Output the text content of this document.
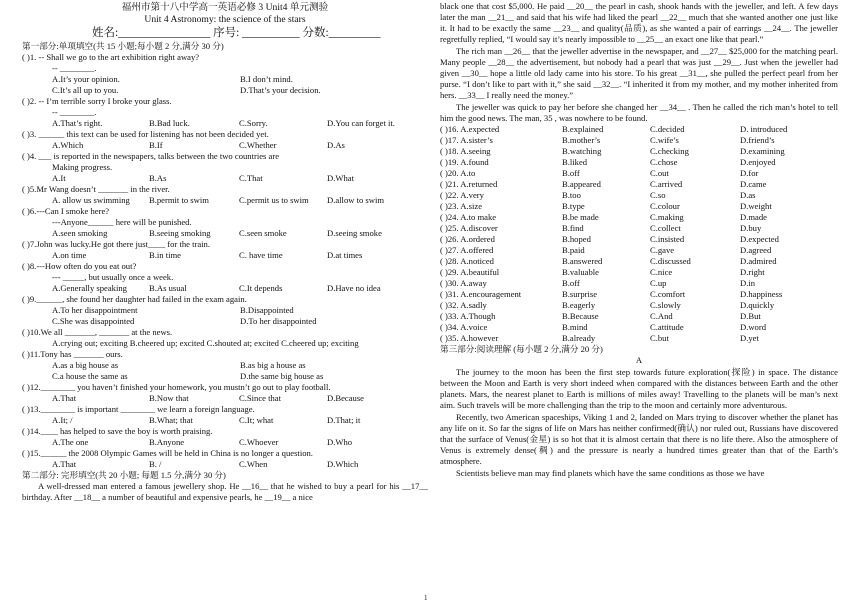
福州市第十八中学高一英语必修 3 Unit4 单元测验
Unit 4 Astronomy: the science of the stars
姓名:________________ 序号: __________ 分数:_________
第一部分:单项填空(共 15 小题;每小题 2 分,满分 30 分)
( )1. -- Shall we go to the art exhibition right away?
-- ________.
A.It’s your opinion.	B.I don’t mind.
C.It’s all up to you.	D.That’s your decision.
( )2. -- I’m terrible sorry I broke your glass.
-- ________.
A.That’s right.	B.Bad luck.	C.Sorry.	D.You can forget it.
( )3. ______ this text can be used for listening has not been decided yet.
A.Which	B.If	C.Whether	D.As
( )4. ___ is reported in the newspapers, talks between the two countries are
Making progress.
A.It	B.As	C.That	D.What
( )5.Mr Wang doesn’t _______ in the river.
A. allow us swimming	B.permit to swim	C.permit us to swim	D.allow to swim
( )6.---Can I smoke here?
---Anyone______ here will be punished.
A.seen smoking	B.seeing smoking	C.seen smoke	D.seeing smoke
( )7.John was lucky.He got there just____ for the train.
A.on time	B.in time	C. have time	D.at times
( )8.---How often do you eat out?
--- _____, but usually once a week.
A.Generally speaking	B.As usual	C.It depends	D.Have no idea
( )9.______, she found her daughter had failed in the exam again.
A.To her disappointment	B.Disappointed
C.She was disappointed	D.To her disappointed
( )10.We all _______, _______ at the news.
A.crying out; exciting B.cheered up; excited C.shouted at; excited C.cheered up; exciting
( )11.Tony has _______ ours.
A.as a big house as	B.as big a house as
C.a house the same as	D.the same big house as
( )12.________ you haven’t finished your homework, you mustn’t go out to play football.
A.That	B.Now that	C.Since that	D.Because
( )13.________ is important ________ we learn a foreign language.
A.It; /	B.What; that	C.It; what	D.That; it
( )14.____ has helped to save the boy is worth praising.
A.The one	B.Anyone	C.Whoever	D.Who
( )15.______ the 2008 Olympic Games will be held in China is no longer a question.
A.That	B. /	C.When	D.Which
第二部分: 完形填空(共 20 小题; 每题 1.5 分,满分 30 分)
A well-dressed man entered a famous jewellery shop. He __16__ that he wished to buy a pearl for his __17__ birthday. After __18__ a number of beautiful and expensive pearls, he __19__ a nice
black one that cost $5,000. He paid __20__ the pearl in cash, shook hands with the jeweller, and left. A few days later the man __21__ and said that his wife had liked the pearl __22__ much that she wanted another one just like it. It had to be exactly the same __23__ and quality(品质), as she wanted a pair of earrings __24__. The jeweller regretfully replied, “I would say it’s nearly impossible to __25__ an exact one like that pearl.”
The rich man __26__ that the jeweller advertise in the newspaper, and __27__ $25,000 for the matching pearl. Many people __28__ the advertisement, but nobody had a pearl that was just __29__. Just when the jeweller had given __30__ hope a little old lady came into his store. To his great __31__, she pulled the perfect pearl from her purse. “I don’t like to part with it,” she said __32__. “I inherited it from my mother, and my mother inherited from hers. __33__ I really need the money.”
The jeweller was quick to pay her before she changed her __34__ . Then he called the rich man’s hotel to tell him the good news. The man, 35 , was nowhere to be found.
( )16. A.expected	B.explained	C.decided	D. introduced
( )17. A.sister’s	B.mother’s	C.wife’s	D.friend’s
( )18. A.seeing	B.watching	C.checking	D.examining
( )19. A.found	B.liked	C.chose	D.enjoyed
( )20. A.to	B.off	C.out	D.for
( )21. A.returned	B.appeared	C.arrived	D.came
( )22. A.very	B.too	C.so	D.as
( )23. A.size	B.type	C.colour	D.weight
( )24. A.to make	B.be made	C.making	D.made
( )25. A.discover	B.find	C.collect	D.buy
( )26. A.ordered	B.hoped	C.insisted	D.expected
( )27. A.offered	B.paid	C.gave	D.agreed
( )28. A.noticed	B.answered	C.discussed	D.admired
( )29. A.beautiful	B.valuable	C.nice	D.right
( )30. A.away	B.off	C.up	D.in
( )31. A.encouragement	B.surprise	C.comfort	D.happiness
( )32. A.sadly	B.eagerly	C.slowly	D.quickly
( )33. A.Though	B.Because	C.And	D.But
( )34. A.voice	B.mind	C.attitude	D.word
( )35. A.however	B.already	C.but	D.yet
第三部分:阅读理解 (每小题 2 分,满分 20 分)
A
The journey to the moon has been the first step towards future exploration(探险) in space. The distance between the Moon and Earth is very short indeed when compared with the distances between Earth and the other planets. Mars, the nearest planet to Earth is millions of miles away! Travelling to the planets will be man’s next aim. Such travels will be more challenging than the trip to the moon and certainly more adventurous.
Recently, two American spaceships, Viking 1 and 2, landed on Mars trying to discover whether the planet has any life on it. So far the signs of life on Mars has neither confirmed(确认) nor ruled out, Russians have discovered that the surface of Venus(金星) is so hot that it is almost certain that there is no life there. Also the atmosphere of Venus is extremely dense(稠) and the pressure is nearly a hundred times greater than that of the Earth’s atmosphere.
Scientists believe man may find planets which have the same conditions as those we have
1
